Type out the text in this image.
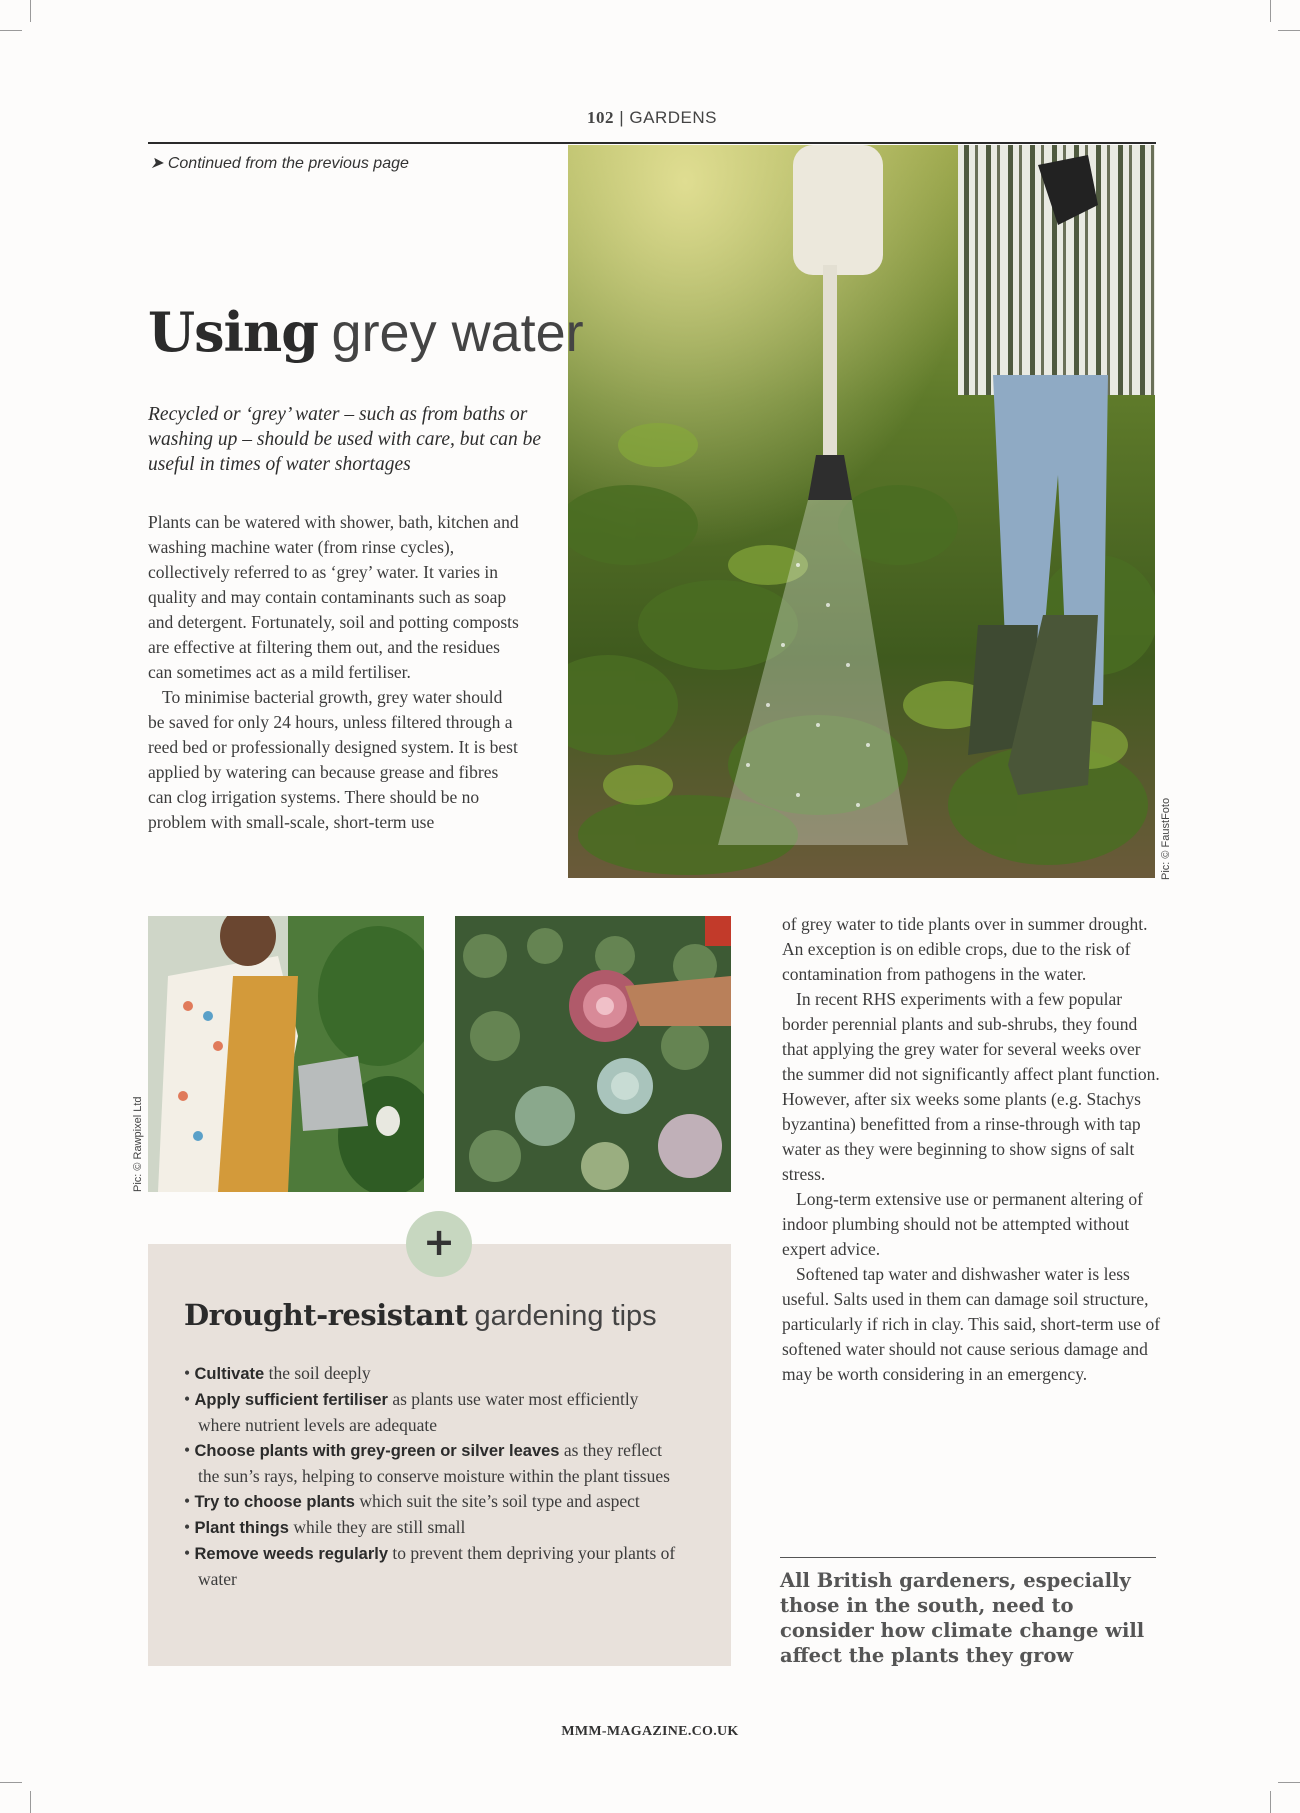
102 | GARDENS
➤ Continued from the previous page
Pic: © FaustFoto
Using grey water
Recycled or ‘grey’ water – such as from baths or washing up – should be used with care, but can be useful in times of water shortages

Plants can be watered with shower, bath, kitchen and washing machine water (from rinse cycles), collectively referred to as ‘grey’ water. It varies in quality and may contain contaminants such as soap and detergent. Fortunately, soil and potting composts are effective at filtering them out, and the residues can sometimes act as a mild fertiliser.

To minimise bacterial growth, grey water should be saved for only 24 hours, unless filtered through a reed bed or professionally designed system. It is best applied by watering can because grease and fibres can clog irrigation systems. There should be no problem with small-scale, short-term use

Pic: © Rawpixel Ltd

of grey water to tide plants over in summer drought. An exception is on edible crops, due to the risk of contamination from pathogens in the water.

In recent RHS experiments with a few popular border perennial plants and sub-shrubs, they found that applying the grey water for several weeks over the summer did not significantly affect plant function. However, after six weeks some plants (e.g. Stachys byzantina) benefitted from a rinse-through with tap water as they were beginning to show signs of salt stress.

Long-term extensive use or permanent altering of indoor plumbing should not be attempted without expert advice.

Softened tap water and dishwasher water is less useful. Salts used in them can damage soil structure, particularly if rich in clay. This said, short-term use of softened water should not cause serious damage and may be worth considering in an emergency.

+
Drought-resistant gardening tips
• Cultivate the soil deeply
• Apply sufficient fertiliser as plants use water most efficiently where nutrient levels are adequate
• Choose plants with grey-green or silver leaves as they reflect the sun’s rays, helping to conserve moisture within the plant tissues
• Try to choose plants which suit the site’s soil type and aspect
• Plant things while they are still small
• Remove weeds regularly to prevent them depriving your plants of water	All British gardeners, especially those in the south, need to consider how climate change will affect the plants they grow
MMM-MAGAZINE.CO.UK
